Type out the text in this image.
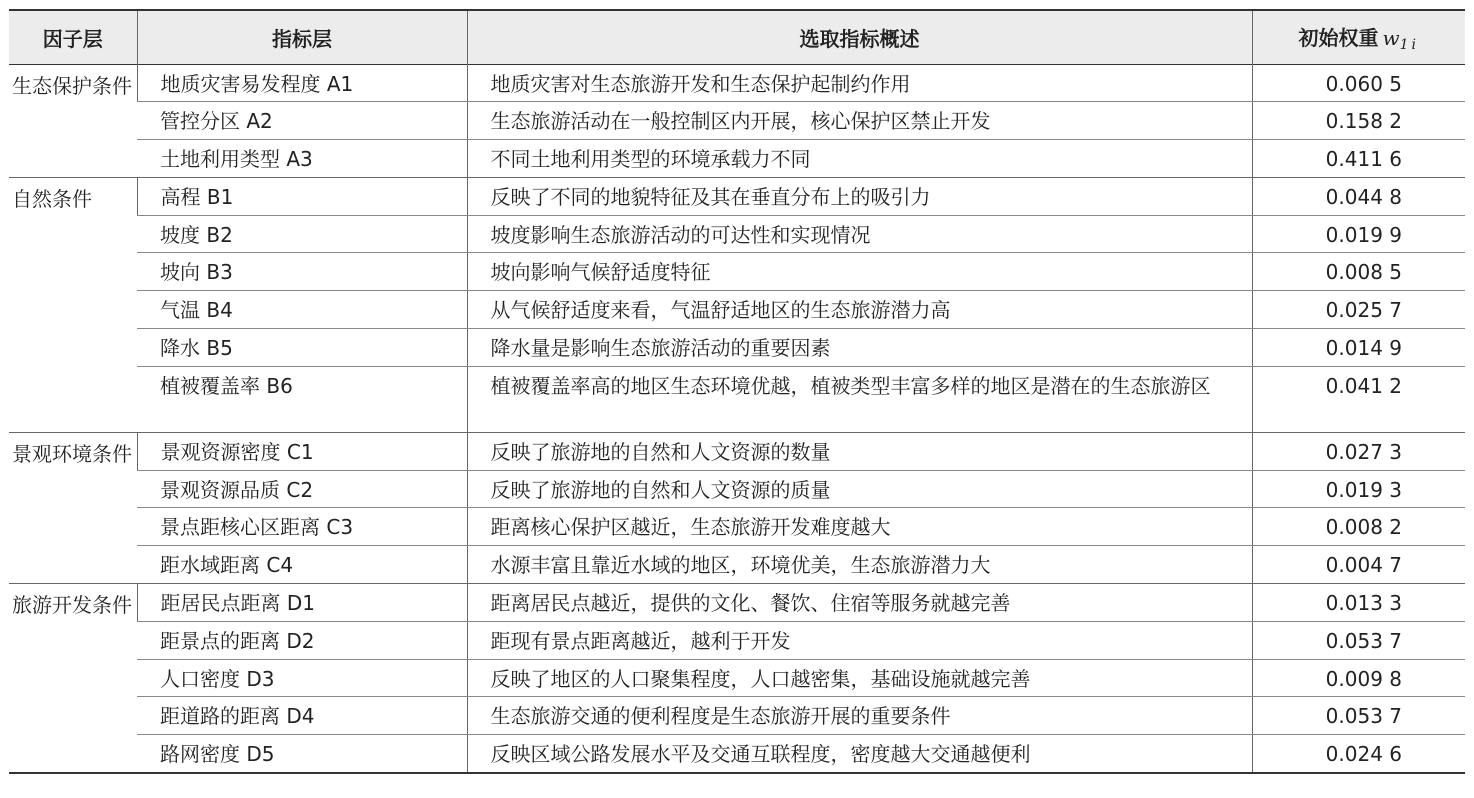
因子层	指标层	选取指标概述	初始权重 $w_{1i}$
生态保护条件	地质灾害易发程度 A1	地质灾害对生态旅游开发和生态保护起制约作用	0.060 5
	管控分区 A2	生态旅游活动在一般控制区内开展，核心保护区禁止开发	0.158 2
	土地利用类型 A3	不同土地利用类型的环境承载力不同	0.411 6
自然条件	高程 B1	反映了不同的地貌特征及其在垂直分布上的吸引力	0.044 8
	坡度 B2	坡度影响生态旅游活动的可达性和实现情况	0.019 9
	坡向 B3	坡向影响气候舒适度特征	0.008 5
	气温 B4	从气候舒适度来看，气温舒适地区的生态旅游潜力高	0.025 7
	降水 B5	降水量是影响生态旅游活动的重要因素	0.014 9
	植被覆盖率 B6	植被覆盖率高的地区生态环境优越，植被类型丰富多样的地区是潜在的生态旅游区	0.041 2
景观环境条件	景观资源密度 C1	反映了旅游地的自然和人文资源的数量	0.027 3
	景观资源品质 C2	反映了旅游地的自然和人文资源的质量	0.019 3
	景点距核心区距离 C3	距离核心保护区越近，生态旅游开发难度越大	0.008 2
	距水域距离 C4	水源丰富且靠近水域的地区，环境优美，生态旅游潜力大	0.004 7
旅游开发条件	距居民点距离 D1	距离居民点越近，提供的文化、餐饮、住宿等服务就越完善	0.013 3
	距景点的距离 D2	距现有景点距离越近，越利于开发	0.053 7
	人口密度 D3	反映了地区的人口聚集程度，人口越密集，基础设施就越完善	0.009 8
	距道路的距离 D4	生态旅游交通的便利程度是生态旅游开展的重要条件	0.053 7
	路网密度 D5	反映区域公路发展水平及交通互联程度，密度越大交通越便利	0.024 6
